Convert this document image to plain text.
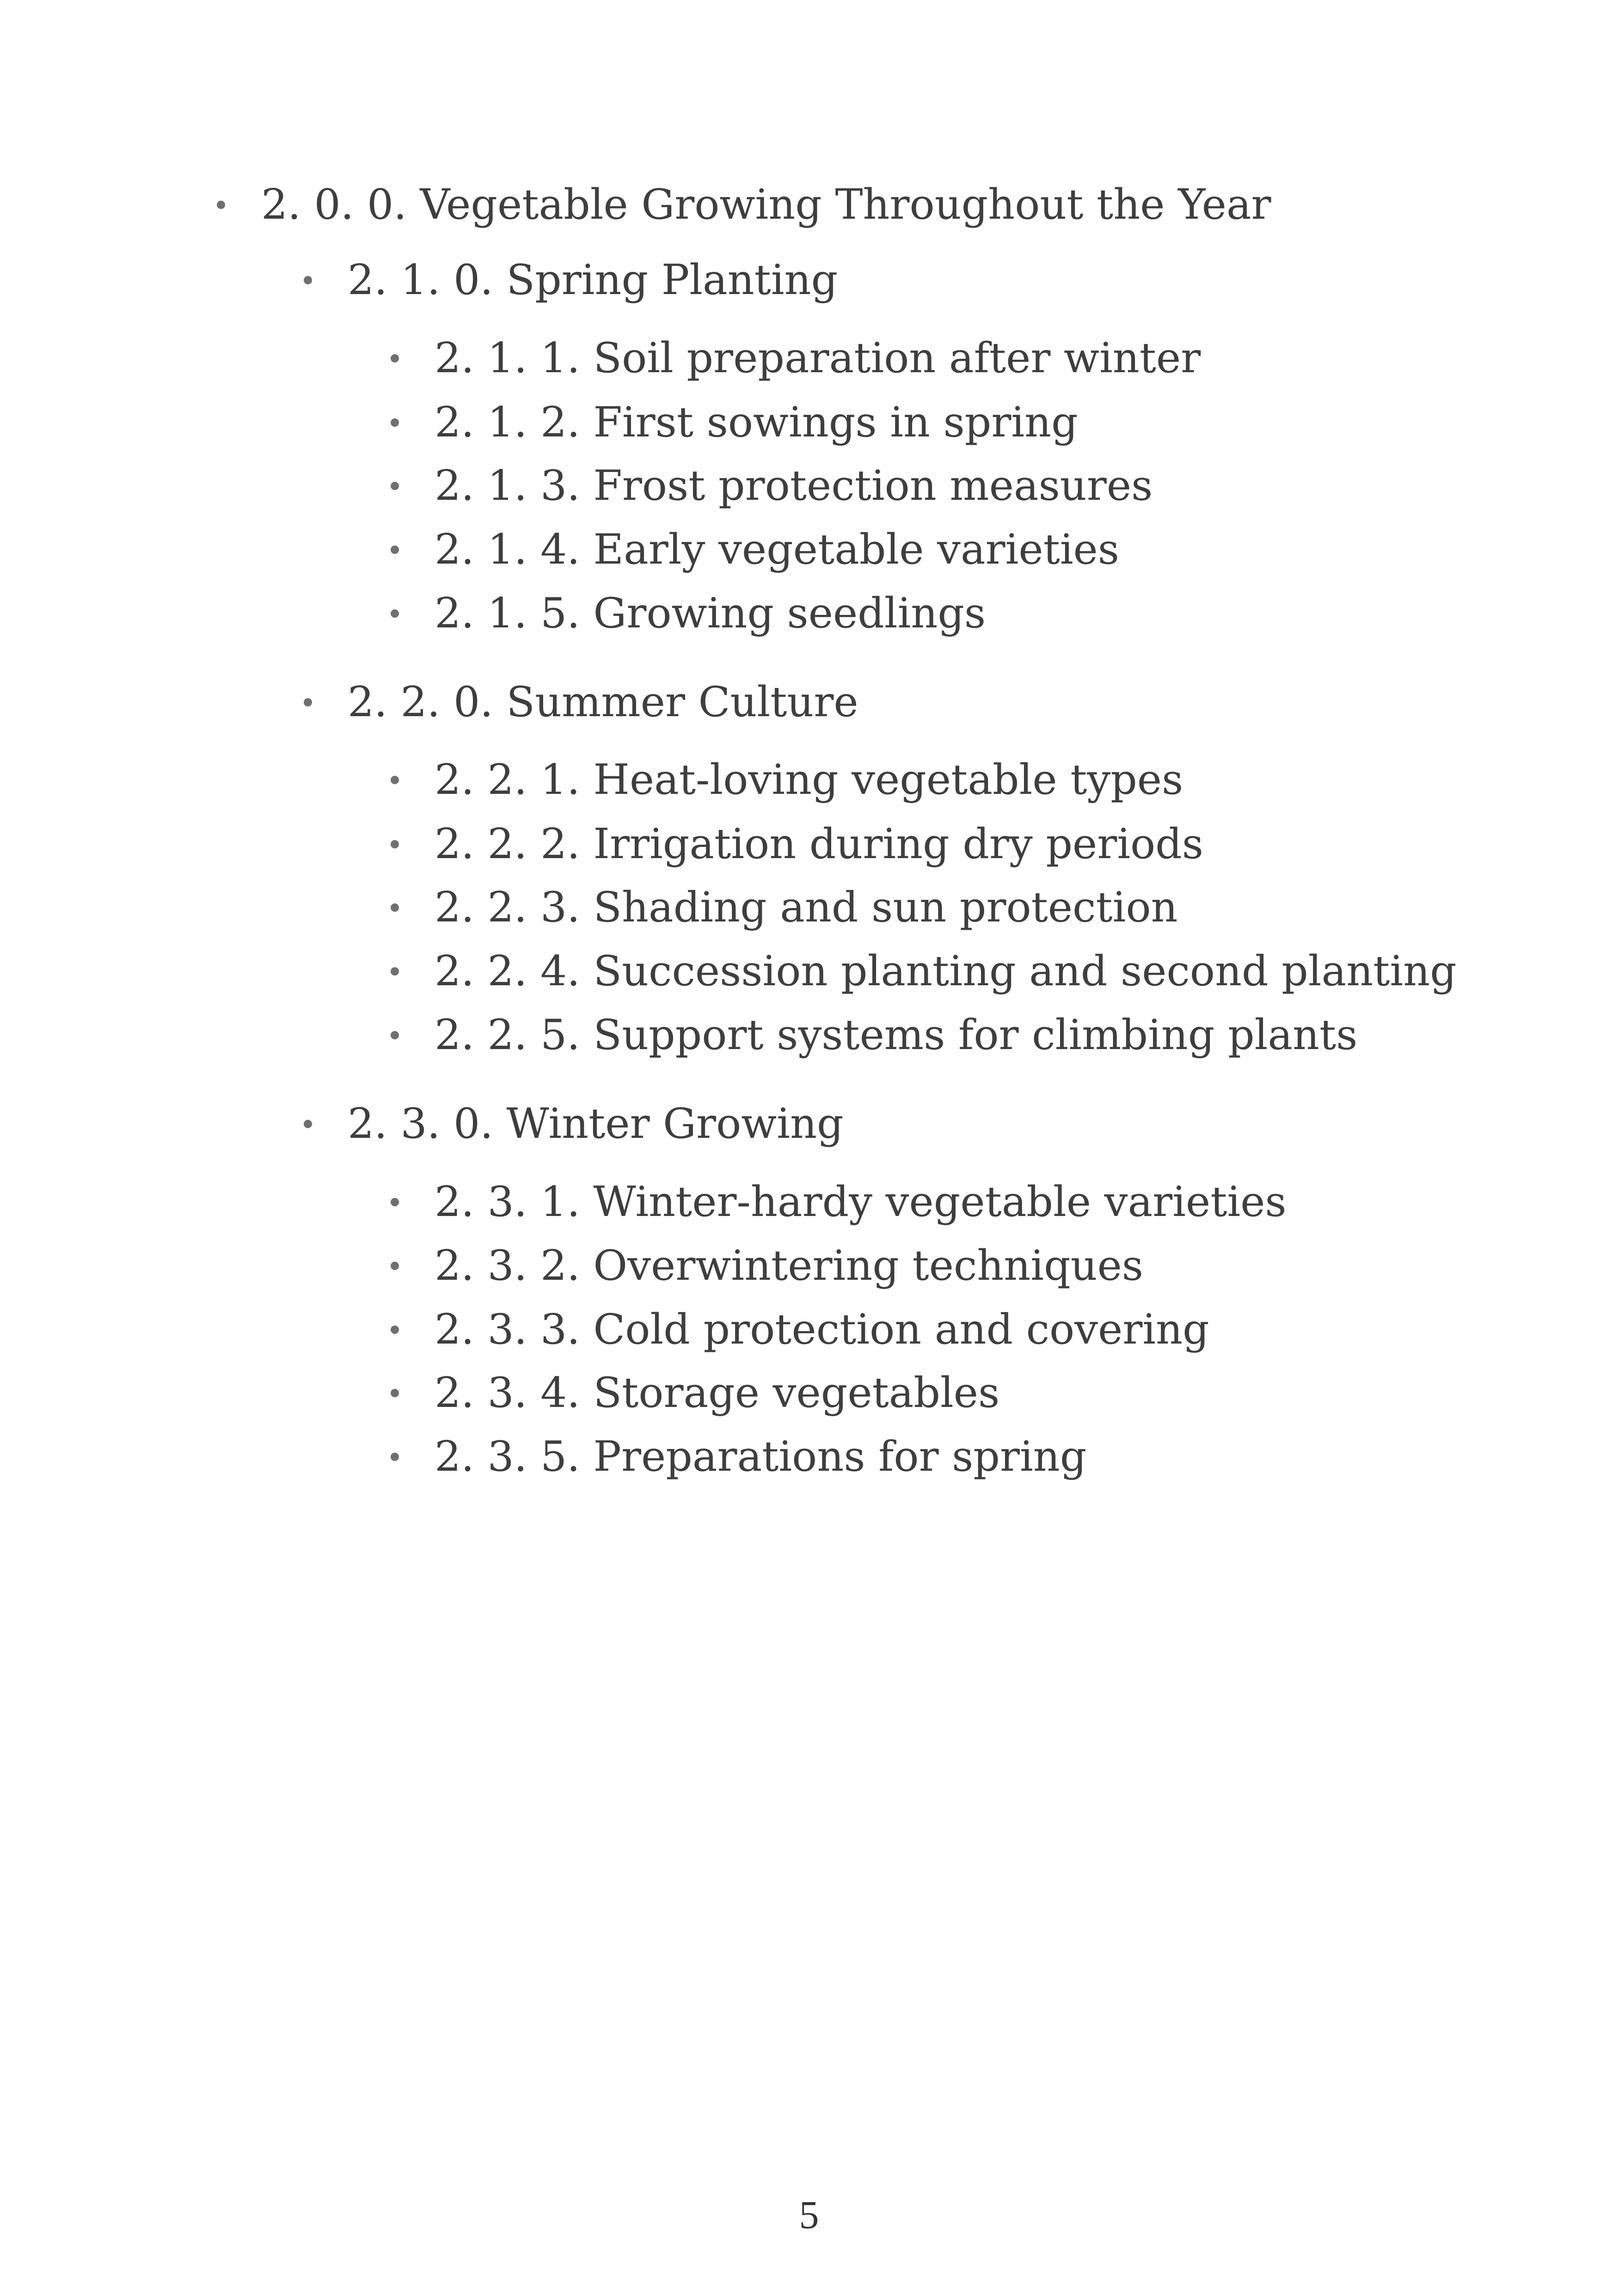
2. 0. 0. Vegetable Growing Throughout the Year
2. 1. 0. Spring Planting
2. 1. 1. Soil preparation after winter
2. 1. 2. First sowings in spring
2. 1. 3. Frost protection measures
2. 1. 4. Early vegetable varieties
2. 1. 5. Growing seedlings
2. 2. 0. Summer Culture
2. 2. 1. Heat-loving vegetable types
2. 2. 2. Irrigation during dry periods
2. 2. 3. Shading and sun protection
2. 2. 4. Succession planting and second planting
2. 2. 5. Support systems for climbing plants
2. 3. 0. Winter Growing
2. 3. 1. Winter-hardy vegetable varieties
2. 3. 2. Overwintering techniques
2. 3. 3. Cold protection and covering
2. 3. 4. Storage vegetables
2. 3. 5. Preparations for spring
5
